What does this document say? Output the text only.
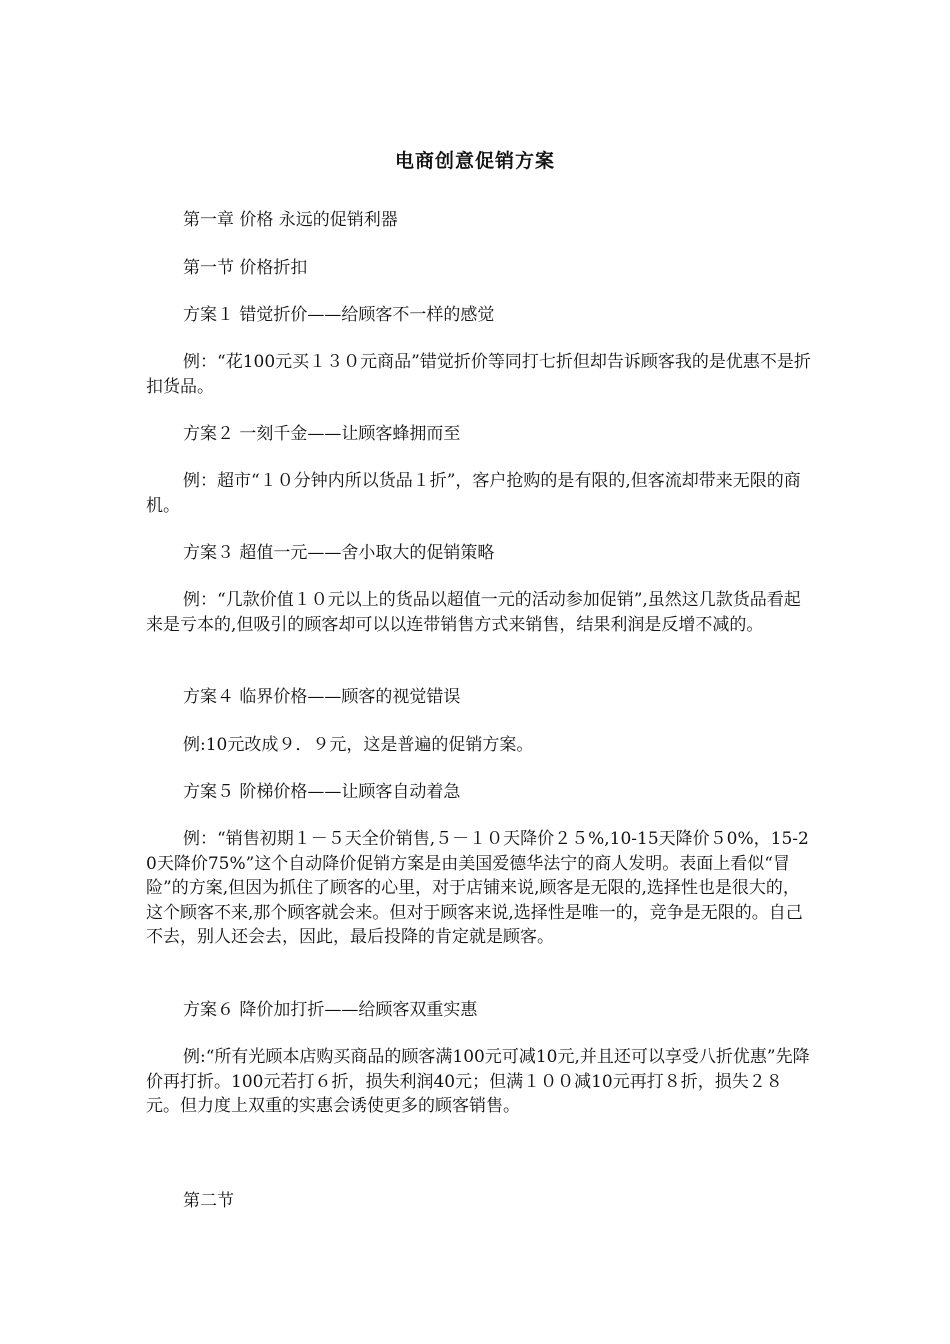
电商创意促销方案
第一章 价格 永远的促销利器
第一节 价格折扣
方案１ 错觉折价——给顾客不一样的感觉
例：“花100元买１３０元商品”错觉折价等同打七折但却告诉顾客我的是优惠不是折扣货品。
方案２ 一刻千金——让顾客蜂拥而至
例：超市“１０分钟内所以货品１折”，客户抢购的是有限的,但客流却带来无限的商机。
方案３ 超值一元——舍小取大的促销策略
例：“几款价值１０元以上的货品以超值一元的活动参加促销”,虽然这几款货品看起来是亏本的,但吸引的顾客却可以以连带销售方式来销售，结果利润是反增不减的。
方案４ 临界价格——顾客的视觉错误
例:10元改成９．９元，这是普遍的促销方案。
方案５ 阶梯价格——让顾客自动着急
例：“销售初期１－５天全价销售,５－１０天降价２５%,10-15天降价５0%，15-20天降价75%”这个自动降价促销方案是由美国爱德华法宁的商人发明。表面上看似“冒险”的方案,但因为抓住了顾客的心里，对于店铺来说,顾客是无限的,选择性也是很大的，这个顾客不来,那个顾客就会来。但对于顾客来说,选择性是唯一的，竞争是无限的。自己不去，别人还会去，因此，最后投降的肯定就是顾客。
方案６ 降价加打折——给顾客双重实惠
例:“所有光顾本店购买商品的顾客满100元可减10元,并且还可以享受八折优惠”先降价再打折。100元若打６折，损失利润40元；但满１００减10元再打８折，损失２８元。但力度上双重的实惠会诱使更多的顾客销售。
第二节
